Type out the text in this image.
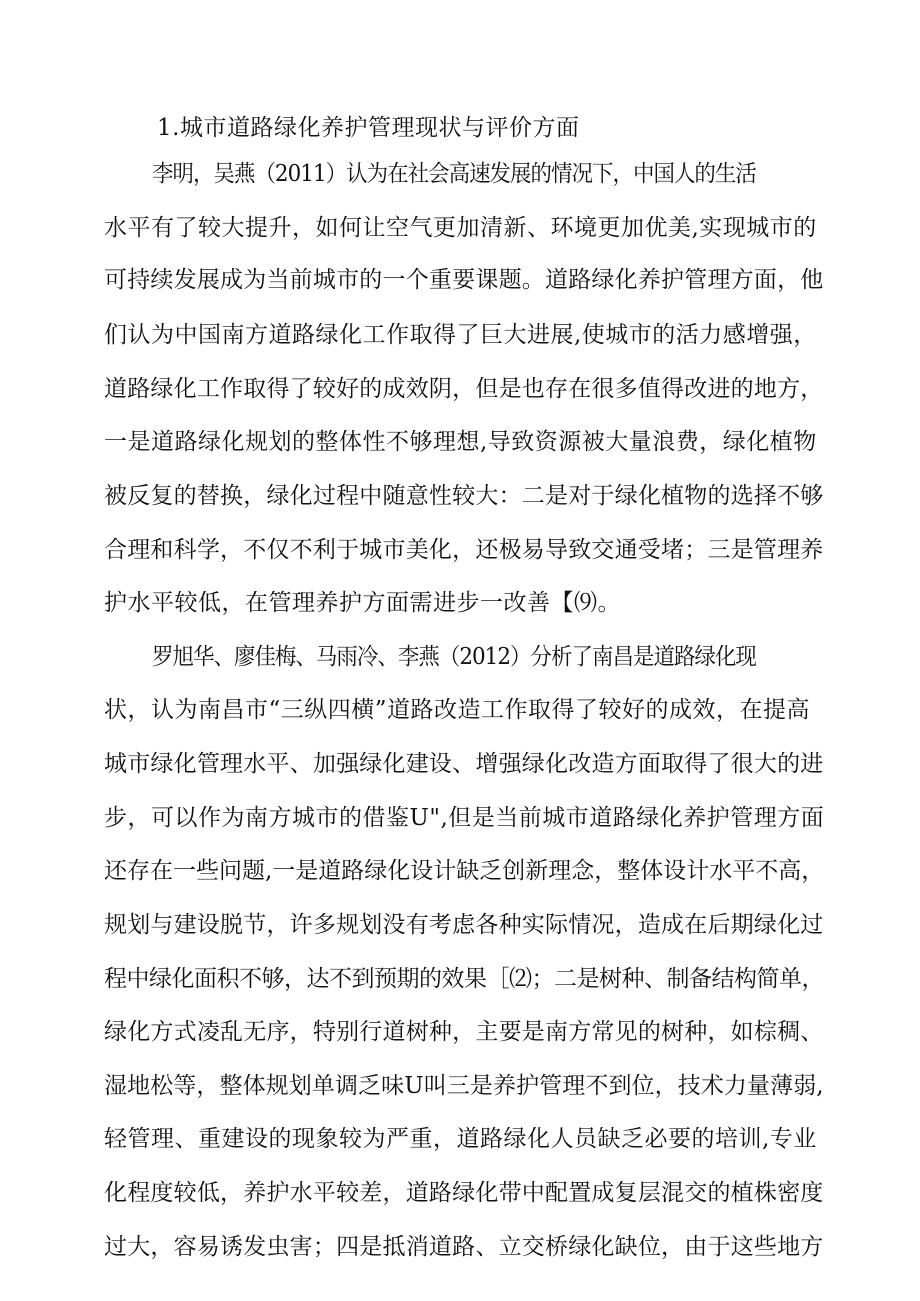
1.城市道路绿化养护管理现状与评价方面
李明，吴燕（2011）认为在社会高速发展的情况下，中国人的生活
水平有了较大提升，如何让空气更加清新、环境更加优美,实现城市的
可持续发展成为当前城市的一个重要课题。道路绿化养护管理方面，他
们认为中国南方道路绿化工作取得了巨大进展,使城市的活力感增强，
道路绿化工作取得了较好的成效阴，但是也存在很多值得改进的地方，
一是道路绿化规划的整体性不够理想,导致资源被大量浪费，绿化植物
被反复的替换，绿化过程中随意性较大：二是对于绿化植物的选择不够
合理和科学，不仅不利于城市美化，还极易导致交通受堵；三是管理养
护水平较低，在管理养护方面需进步一改善【⑼。
罗旭华、廖佳梅、马雨冷、李燕（2012）分析了南昌是道路绿化现
状，认为南昌市“三纵四横”道路改造工作取得了较好的成效，在提高
城市绿化管理水平、加强绿化建设、增强绿化改造方面取得了很大的进
步，可以作为南方城市的借鉴U",但是当前城市道路绿化养护管理方面
还存在一些问题,一是道路绿化设计缺乏创新理念，整体设计水平不高，
规划与建设脱节，许多规划没有考虑各种实际情况，造成在后期绿化过
程中绿化面积不够，达不到预期的效果［⑵；二是树种、制备结构简单，
绿化方式凌乱无序，特别行道树种，主要是南方常见的树种，如棕稠、
湿地松等，整体规划单调乏味U叫三是养护管理不到位，技术力量薄弱,
轻管理、重建设的现象较为严重，道路绿化人员缺乏必要的培训,专业
化程度较低，养护水平较差，道路绿化带中配置成复层混交的植株密度
过大，容易诱发虫害；四是抵消道路、立交桥绿化缺位，由于这些地方
